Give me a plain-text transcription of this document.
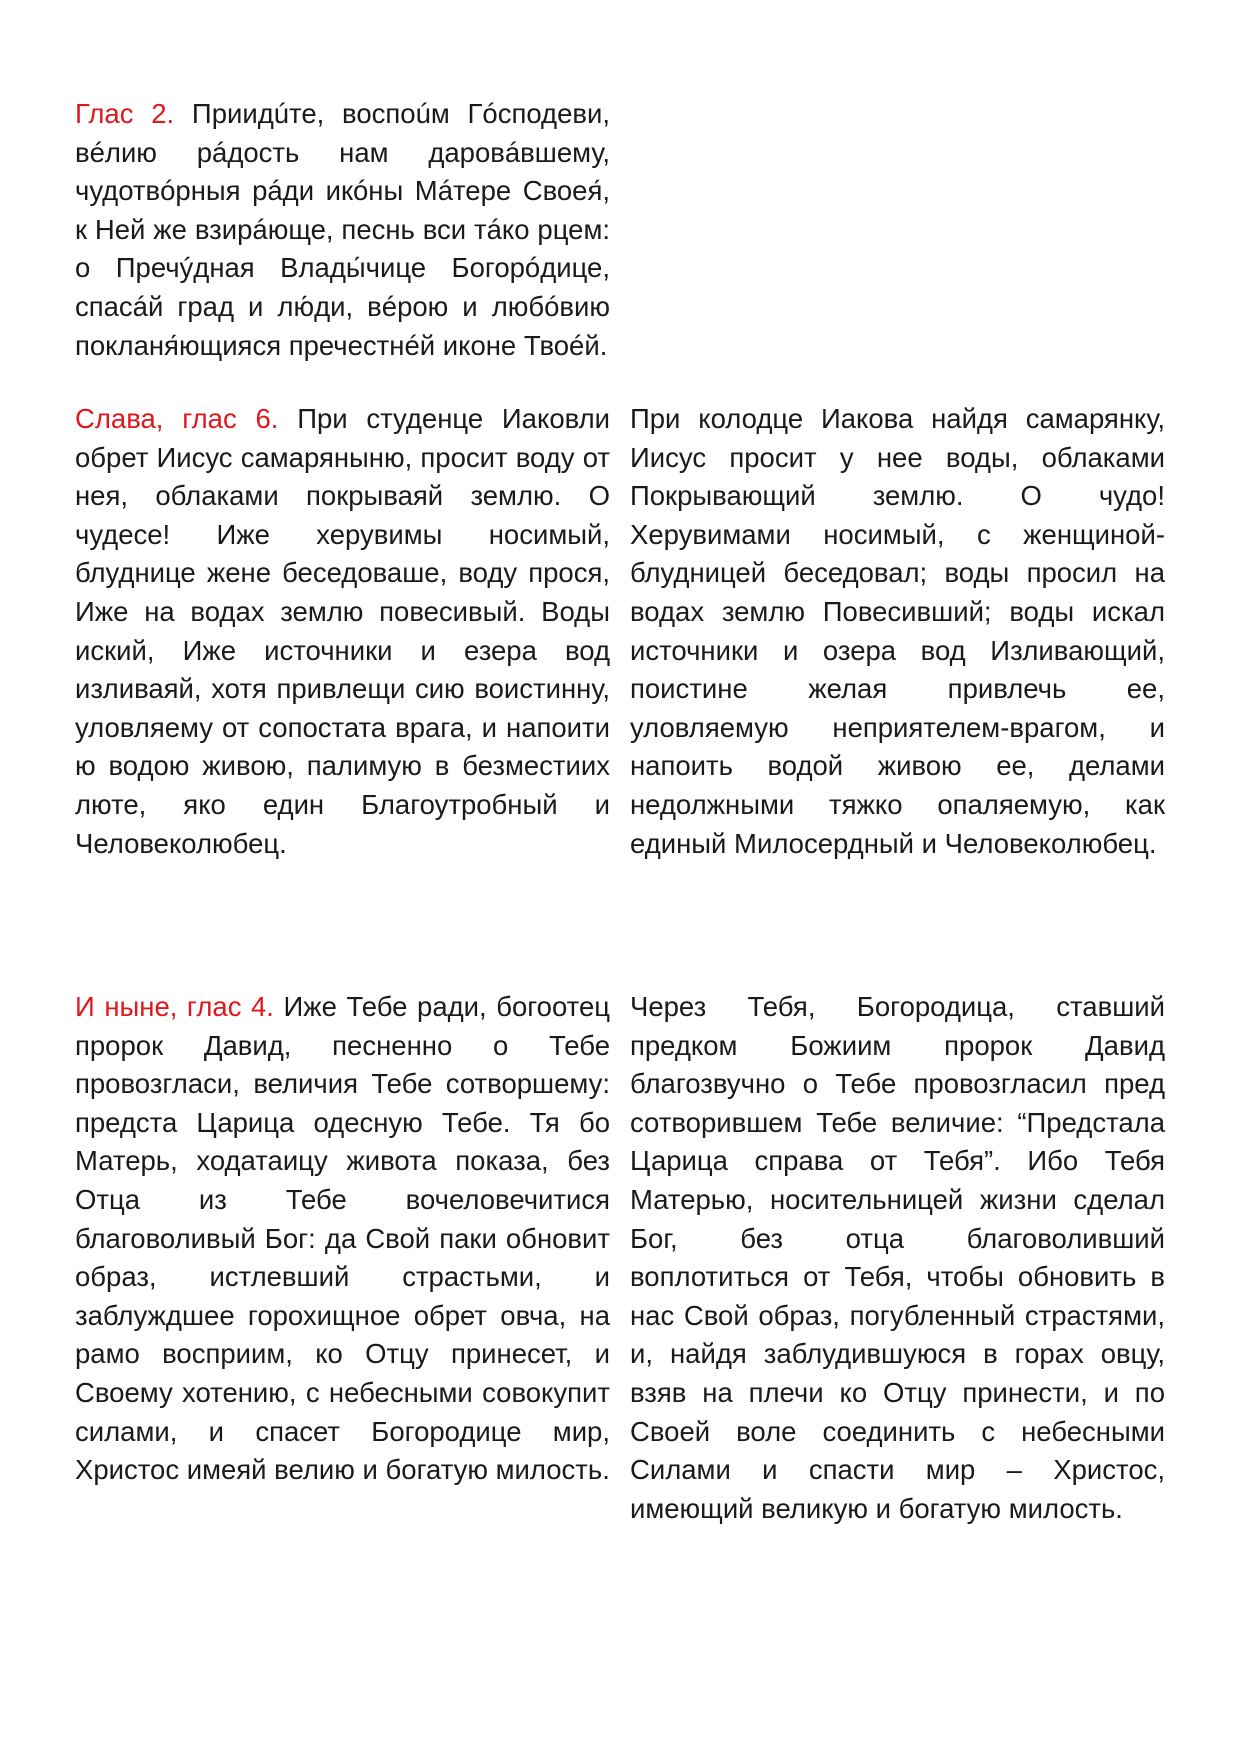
Глас 2. Приидúте, воспоúм Гóсподеви, вéлию рáдость нам даровáвшему, чудотвóрныя рáди икóны Мáтере Своея́, к Ней же взирáюще, песнь вси тáко рцем: о Пречýдная Влады́чице Богорóдице, спасáй град и лю́ди, вéрою и любóвию покланя́ющияся пречестнéй иконе Твоéй.
Слава, глас 6. При студенце Иаковли обрет Иисус самаряныню, просит воду от нея, облаками покрываяй землю. О чудесе! Иже херувимы носимый, блуднице жене беседоваше, воду прося, Иже на водах землю повесивый. Воды иский, Иже источники и езера вод изливаяй, хотя привлещи сию воистинну, уловляему от сопостата врага, и напоити ю водою живою, палимую в безместиих люте, яко един Благоутробный и Человеколюбец.
При колодце Иакова найдя самарянку, Иисус просит у нее воды, облаками Покрывающий землю. О чудо! Херувимами носимый, с женщиной-блудницей беседовал; воды просил на водах землю Повесивший; воды искал источники и озера вод Изливающий, поистине желая привлечь ее, уловляемую неприятелем-врагом, и напоить водой живою ее, делами недолжными тяжко опаляемую, как единый Милосердный и Человеколюбец.
И ныне, глас 4. Иже Тебе ради, богоотец пророк Давид, песненно о Тебе провозгласи, величия Тебе сотворшему: предста Царица одесную Тебе. Тя бо Матерь, ходатаицу живота показа, без Отца из Тебе вочеловечитися благоволивый Бог: да Свой паки обновит образ, истлевший страстьми, и заблуждшее горохищное обрет овча, на рамо восприим, ко Отцу принесет, и Своему хотению, с небесными совокупит силами, и спасет Богородице мир, Христос имеяй велию и богатую милость.
Через Тебя, Богородица, ставший предком Божиим пророк Давид благозвучно о Тебе провозгласил пред сотворившем Тебе величие: “Предстала Царица справа от Тебя”. Ибо Тебя Матерью, носительницей жизни сделал Бог, без отца благоволивший воплотиться от Тебя, чтобы обновить в нас Свой образ, погубленный страстями, и, найдя заблудившуюся в горах овцу, взяв на плечи ко Отцу принести, и по Своей воле соединить с небесными Силами и спасти мир – Христос, имеющий великую и богатую милость.
